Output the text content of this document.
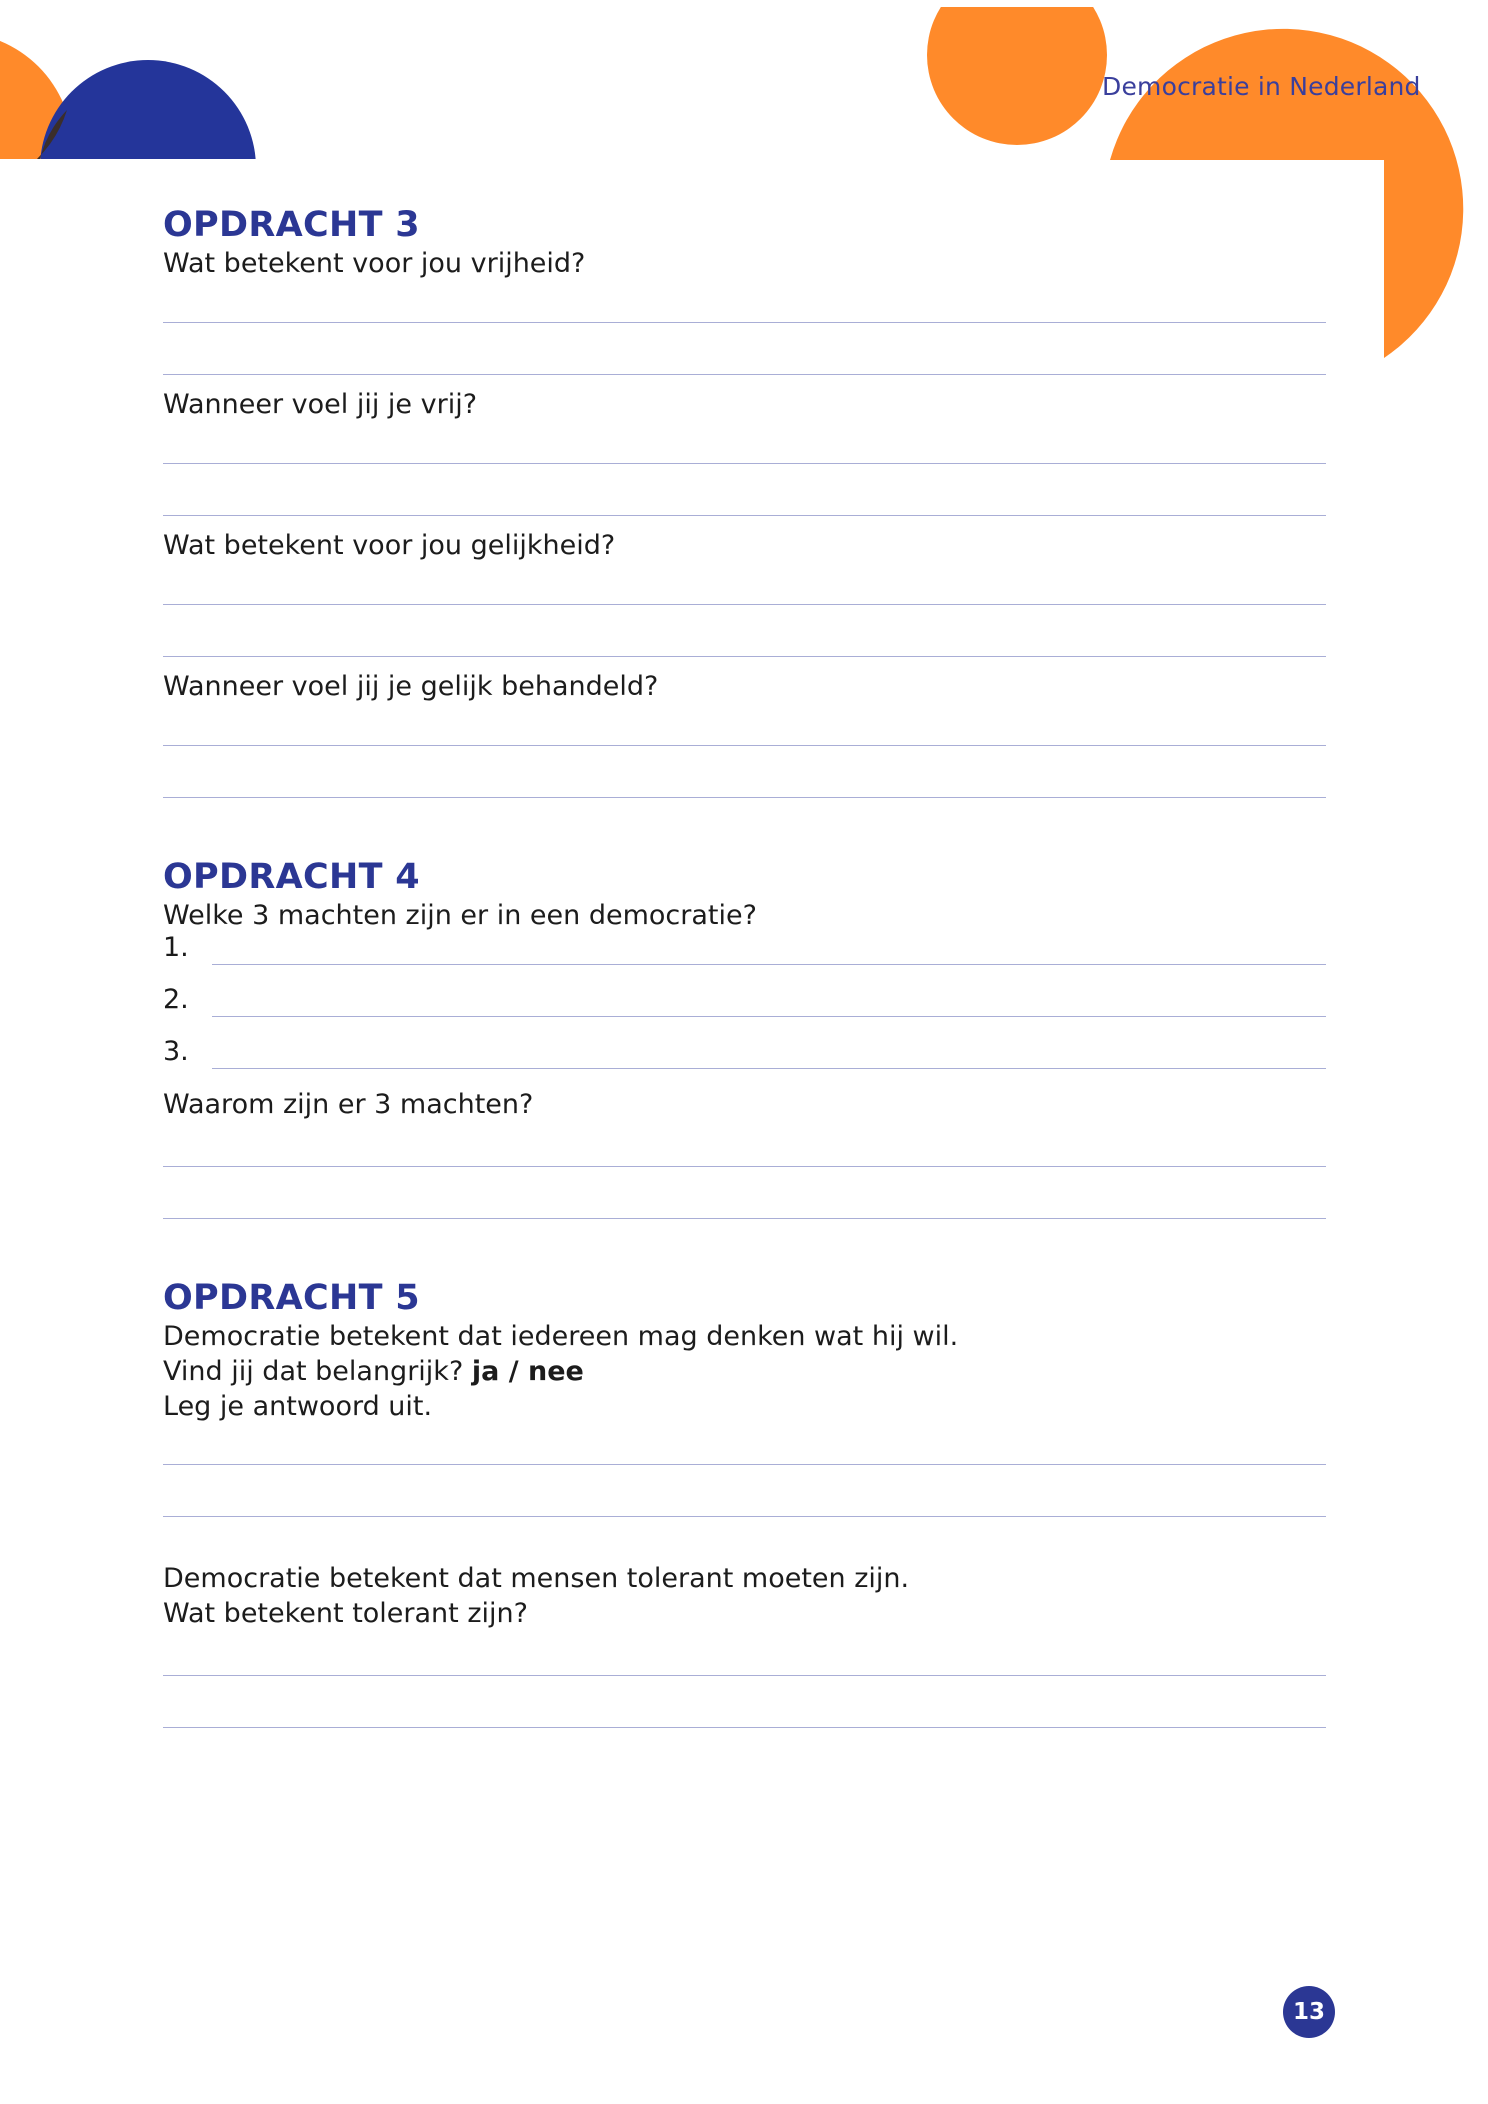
Democratie in Nederland
OPDRACHT 3

Wat betekent voor jou vrijheid?

Wanneer voel jij je vrij?

Wat betekent voor jou gelijkheid?

Wanneer voel jij je gelijk behandeld?

OPDRACHT 4

Welke 3 machten zijn er in een democratie?

1.
2.
3.

Waarom zijn er 3 machten?

OPDRACHT 5

Democratie betekent dat iedereen mag denken wat hij wil.

Vind jij dat belangrijk? ja / nee

Leg je antwoord uit.

Democratie betekent dat mensen tolerant moeten zijn.

Wat betekent tolerant zijn?

13
